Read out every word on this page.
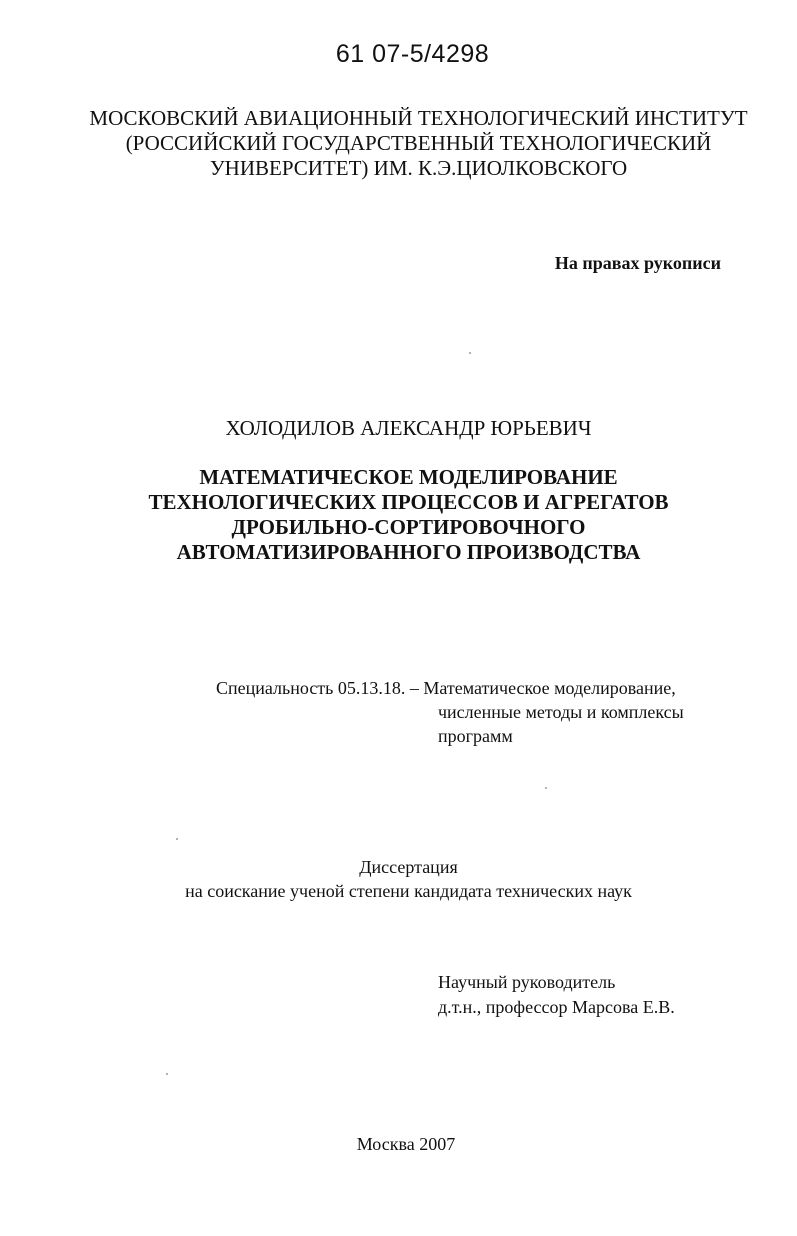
61 07-5/4298
МОСКОВСКИЙ АВИАЦИОННЫЙ ТЕХНОЛОГИЧЕСКИЙ ИНСТИТУТ
(РОССИЙСКИЙ ГОСУДАРСТВЕННЫЙ ТЕХНОЛОГИЧЕСКИЙ
УНИВЕРСИТЕТ) ИМ. К.Э.ЦИОЛКОВСКОГО
На правах рукописи
ХОЛОДИЛОВ АЛЕКСАНДР ЮРЬЕВИЧ
МАТЕМАТИЧЕСКОЕ МОДЕЛИРОВАНИЕ
ТЕХНОЛОГИЧЕСКИХ ПРОЦЕССОВ И АГРЕГАТОВ
ДРОБИЛЬНО-СОРТИРОВОЧНОГО
АВТОМАТИЗИРОВАННОГО ПРОИЗВОДСТВА
Специальность 05.13.18. – Математическое моделирование,
численные методы и комплексы
программ
Диссертация
на соискание ученой степени кандидата технических наук
Научный руководитель
д.т.н., профессор Марсова Е.В.
Москва 2007
